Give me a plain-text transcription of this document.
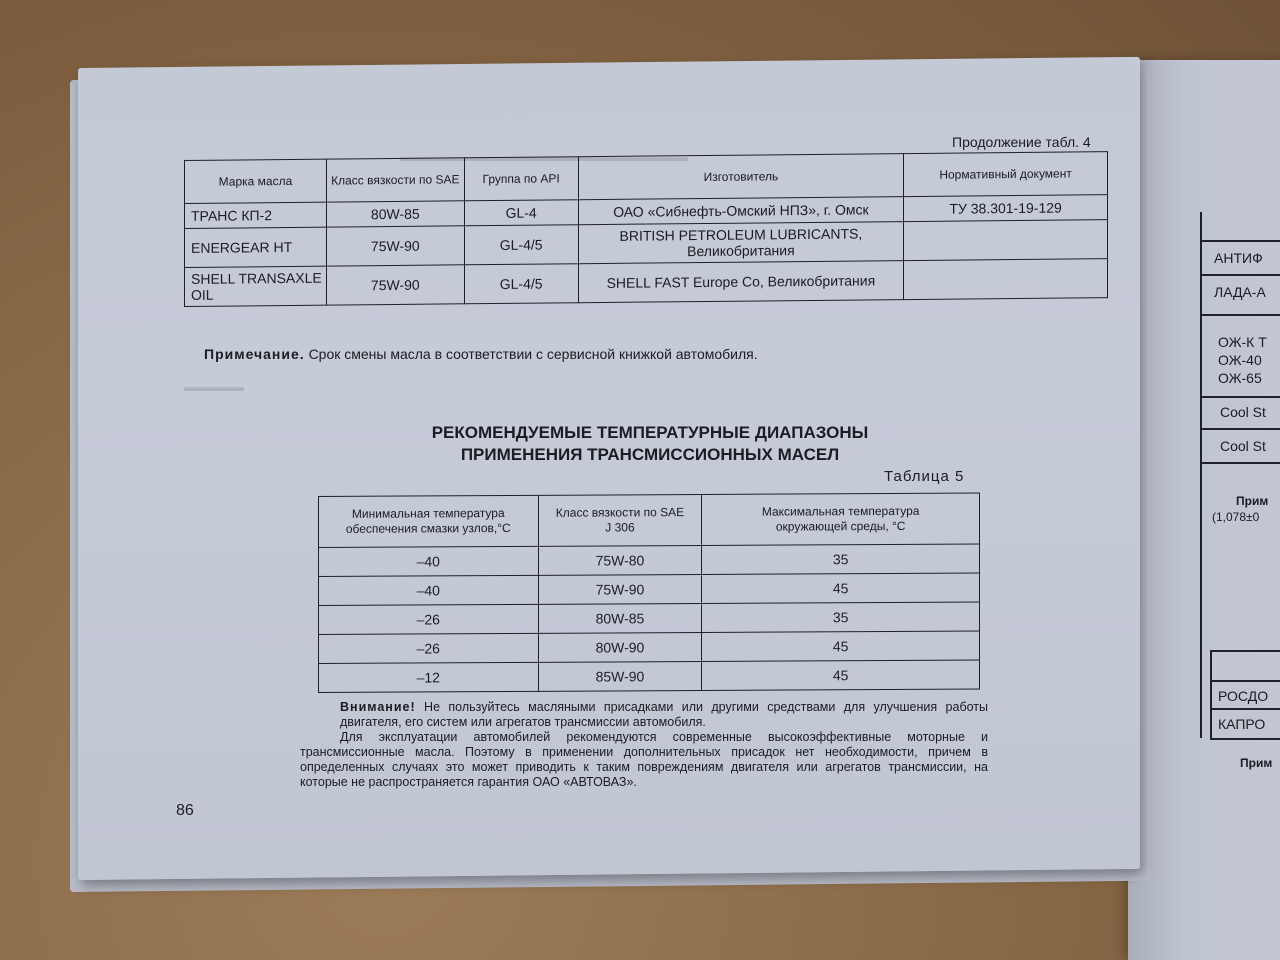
▬▬▬▬▬▬▬▬▬▬▬▬▬▬▬▬▬▬▬▬▬▬▬▬
▬▬▬▬▬
Продолжение табл. 4
Марка масла	Класс вязкости по SAE	Группа по API	Изготовитель	Нормативный документ
ТРАНС КП-2	80W-85	GL-4	ОАО «Сибнефть-Омский НПЗ», г. Омск	ТУ 38.301-19-129
ENERGEAR HT	75W-90	GL-4/5	BRITISH PETROLEUM LUBRICANTS, Великобритания	
SHELL TRANSAXLE OIL	75W-90	GL-4/5	SHELL FAST Europe Co, Великобритания	
Примечание. Срок смены масла в соответствии с сервисной книжкой автомобиля.
РЕКОМЕНДУЕМЫЕ ТЕМПЕРАТУРНЫЕ ДИАПАЗОНЫ
ПРИМЕНЕНИЯ ТРАНСМИССИОННЫХ МАСЕЛ
Таблица 5
Минимальная температура обеспечения смазки узлов,°С	Класс вязкости по SAE J 306	Максимальная температура окружающей среды, °С
–40	75W-80	35
–40	75W-90	45
–26	80W-85	35
–26	80W-90	45
–12	85W-90	45
Внимание! Не пользуйтесь масляными присадками или другими средствами для улучшения работы двигателя, его систем или агрегатов трансмиссии автомобиля.
Для эксплуатации автомобилей рекомендуются современные высокоэффективные моторные и трансмиссионные масла. Поэтому в применении дополнительных присадок нет необходимости, причем в определенных случаях это может приводить к таким повреждениям двигателя или агрегатов трансмиссии, на которые не распространяется гарантия ОАО «АВТОВАЗ».
86
АНТИФ
ЛАДА-А
ОЖ-К Т
ОЖ-40
ОЖ-65
Cool St
Cool St
Прим
(1,078±0
РОСДО
КАПРО
Прим
